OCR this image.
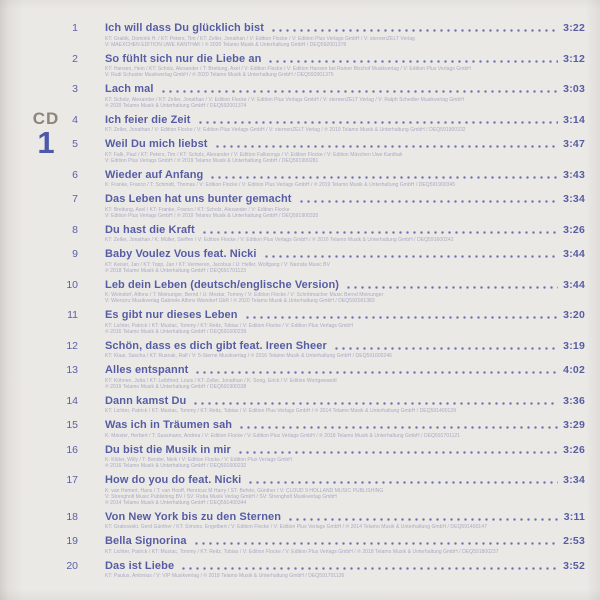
CD
1
1 Ich will dass Du glücklich bist	3:22
KT: Grabik, Dominik H. / KT: Peters, Tim / KT: Zeller, Jonathan / V: Edition Flocke / V: Edition Plus Verlags GmbH / V: sternenZELT Verlag
V: MAEXCHEN EDITION UWE KANTHAK / ℗ 2020 Telamo Musik & Unterhaltung GmbH / DEQ592001378
2 So fühlt sich nur die Liebe an	3:12
KT: Hansen, Hein / KT: Scholz, Alexander / T: Breitung, Axel / V: Edition Flocke / V: Edition Hansen bei Rainer Bischof Musikverlag / V: Edition Plus Verlags GmbH
V: Rudi Schuster Musikverlag GmbH / ℗ 2020 Telamo Musik & Unterhaltung GmbH / DEQ592001375
3 Lach mal	3:03
KT: Scholz, Alexander / KT: Zeller, Jonathan / V: Edition Flocke / V: Edition Plus Verlags GmbH / V: sternenZELT Verlag / V: Ralph Schedler Musikverlag GmbH
℗ 2020 Telamo Musik & Unterhaltung GmbH / DEQ592001374
4 Ich feier die Zeit	3:14
KT: Zeller, Jonathan / V: Edition Flocke / V: Edition Plus Verlags GmbH / V: sternenZELT Verlag / ℗ 2019 Telamo Musik & Unterhaltung GmbH / DEQ591900332
5 Weil Du mich liebst	3:47
KT: Falk, Paul / KT: Peters, Tim / KT: Scholz, Alexander / V: Edition Falksongs / V: Edition Flocke / V: Edition Mäxchen Uwe Kanthak
V: Edition Plus Verlags GmbH / ℗ 2019 Telamo Musik & Unterhaltung GmbH / DEQ591900281
6 Wieder auf Anfang	3:43
K: Franke, Franco / T: Schmidt, Thomas / V: Edition Flocke / V: Edition Plus Verlags GmbH / ℗ 2019 Telamo Musik & Unterhaltung GmbH / DEQ591900345
7 Das Leben hat uns bunter gemacht	3:34
KT: Breitung, Axel / KT: Franke, Franco / KT: Scholz, Alexander / V: Edition Flocke
V: Edition Plus Verlags GmbH / ℗ 2019 Telamo Musik & Unterhaltung GmbH / DEQ591900335
8 Du hast die Kraft	3:26
KT: Zeller, Jonathan / K: Müller, Steffen / V: Edition Flocke / V: Edition Plus Verlags GmbH / ℗ 2016 Telamo Musik & Unterhaltung GmbH / DEQ591600242
9 Baby Voulez Vous feat. Nicki	3:44
KT: Keiser, Jan / KT: Topp, Jan / KT: Vermeren, Jacobus / Ü: Heller, Wolfgang / V: Narrata Music BV
℗ 2018 Telamo Musik & Unterhaltung GmbH / DEQ591701123
10 Leb dein Leben (deutsch/englische Version)	3:44
K: Weindorf, Alfons / T: Meinunger, Bernd / Ü: Mestar, Tommy / V: Edition Flocke / V: Schrittmacher Music Bernd Meinunger
V: Wiencirz Musikverlag Gabriele Alfons Weindorf GbR / ℗ 2020 Telamo Musik & Unterhaltung GmbH / DEQ592001383
11 Es gibt nur dieses Leben	3:20
KT: Lichter, Patrick / KT: Mustac, Tommy / KT: Reitz, Tobias / V: Edition Flocke / V: Edition Plus Verlags GmbH
℗ 2016 Telamo Musik & Unterhaltung GmbH / DEQ591600239
12 Schön, dass es dich gibt feat. Ireen Sheer	3:19
KT: Klaar, Sascha / KT: Rusnak, Ralf / V: 5-Sterne Musikverlag / ℗ 2016 Telamo Musik & Unterhaltung GmbH / DEQ591600246
13 Alles entspannt	4:02
KT: Köhnen, Jutta / KT: Leibfried, Louis / KT: Zeller, Jonathan / K: Song, Erick / V: Edition Wortgewandt
℗ 2019 Telamo Musik & Unterhaltung GmbH / DEQ591900338
14 Dann kamst Du	3:36
KT: Lichter, Patrick / KT: Mustac, Tommy / KT: Reitz, Tobias / V: Edition Plus Verlags GmbH / ℗ 2014 Telamo Musik & Unterhaltung GmbH / DEQ591400139
15 Was ich in Träumen sah	3:29
K: Meister, Herbert / T: Sussmann, Andrea / V: Edition Flocke / V: Edition Plus Verlags GmbH / ℗ 2018 Telamo Musik & Unterhaltung GmbH / DEQ591701121
16 Du bist die Musik in mir	3:26
K: Klüter, Willy / T: Bender, Meik / V: Edition Flocke / V: Edition Plus Verlags GmbH
℗ 2016 Telamo Musik & Unterhaltung GmbH / DEQ591600232
17 How do you do feat. Nicki	3:34
K: van Hemert, Hans / T: van Hooff, Henricus M Harry / ST: Behrle, Günther / V: CLOUD 9 HOLLAND MUSIC PUBLISHING
V: Strengholt Music Publishing BV / SV: Roba Musik Verlag GmbH / SV: Strengholt Musikverlag GmbH
℗ 2014 Telamo Musik & Unterhaltung GmbH / DEQ591400344
18 Von New York bis zu den Sternen	3:11
KT: Grabowski, Gerd Günther / KT: Simons, Engelbert / V: Edition Flocke / V: Edition Plus Verlags GmbH / ℗ 2014 Telamo Musik & Unterhaltung GmbH / DEQ591400147
19 Bella Signorina	2:53
KT: Lichter, Patrick / KT: Mustac, Tommy / KT: Reitz, Tobias / V: Edition Flocke / V: Edition Plus Verlags GmbH / ℗ 2018 Telamo Musik & Unterhaltung GmbH / DEQ591800237
20 Das ist Liebe	3:52
KT: Paulus, Antonius / V: VIP Musikverlag / ℗ 2018 Telamo Musik & Unterhaltung GmbH / DEQ591701126
